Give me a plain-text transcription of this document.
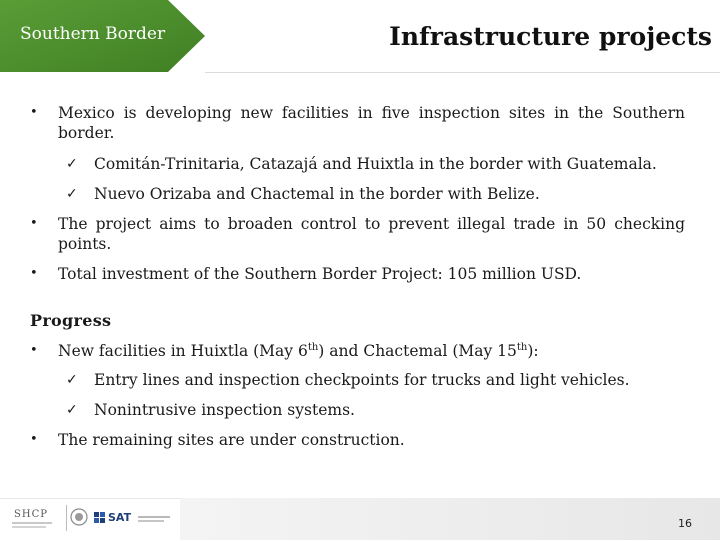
Southern Border	Infrastructure projects
•	Mexico is developing new facilities in five inspection sites in the Southern border.
✓ Comitán-Trinitaria, Catazajá and Huixtla in the border with Guatemala.
✓ Nuevo Orizaba and Chactemal in the border with Belize.
•	The project aims to broaden control to prevent illegal trade in 50 checking points.
•	Total investment of the Southern Border Project: 105 million USD.
Progress
•	New facilities in Huixtla (May 6th) and Chactemal (May 15th):
✓ Entry lines and inspection checkpoints for trucks and light vehicles.
✓ Nonintrusive inspection systems.
•	The remaining sites are under construction.
SHCP	SAT	16
